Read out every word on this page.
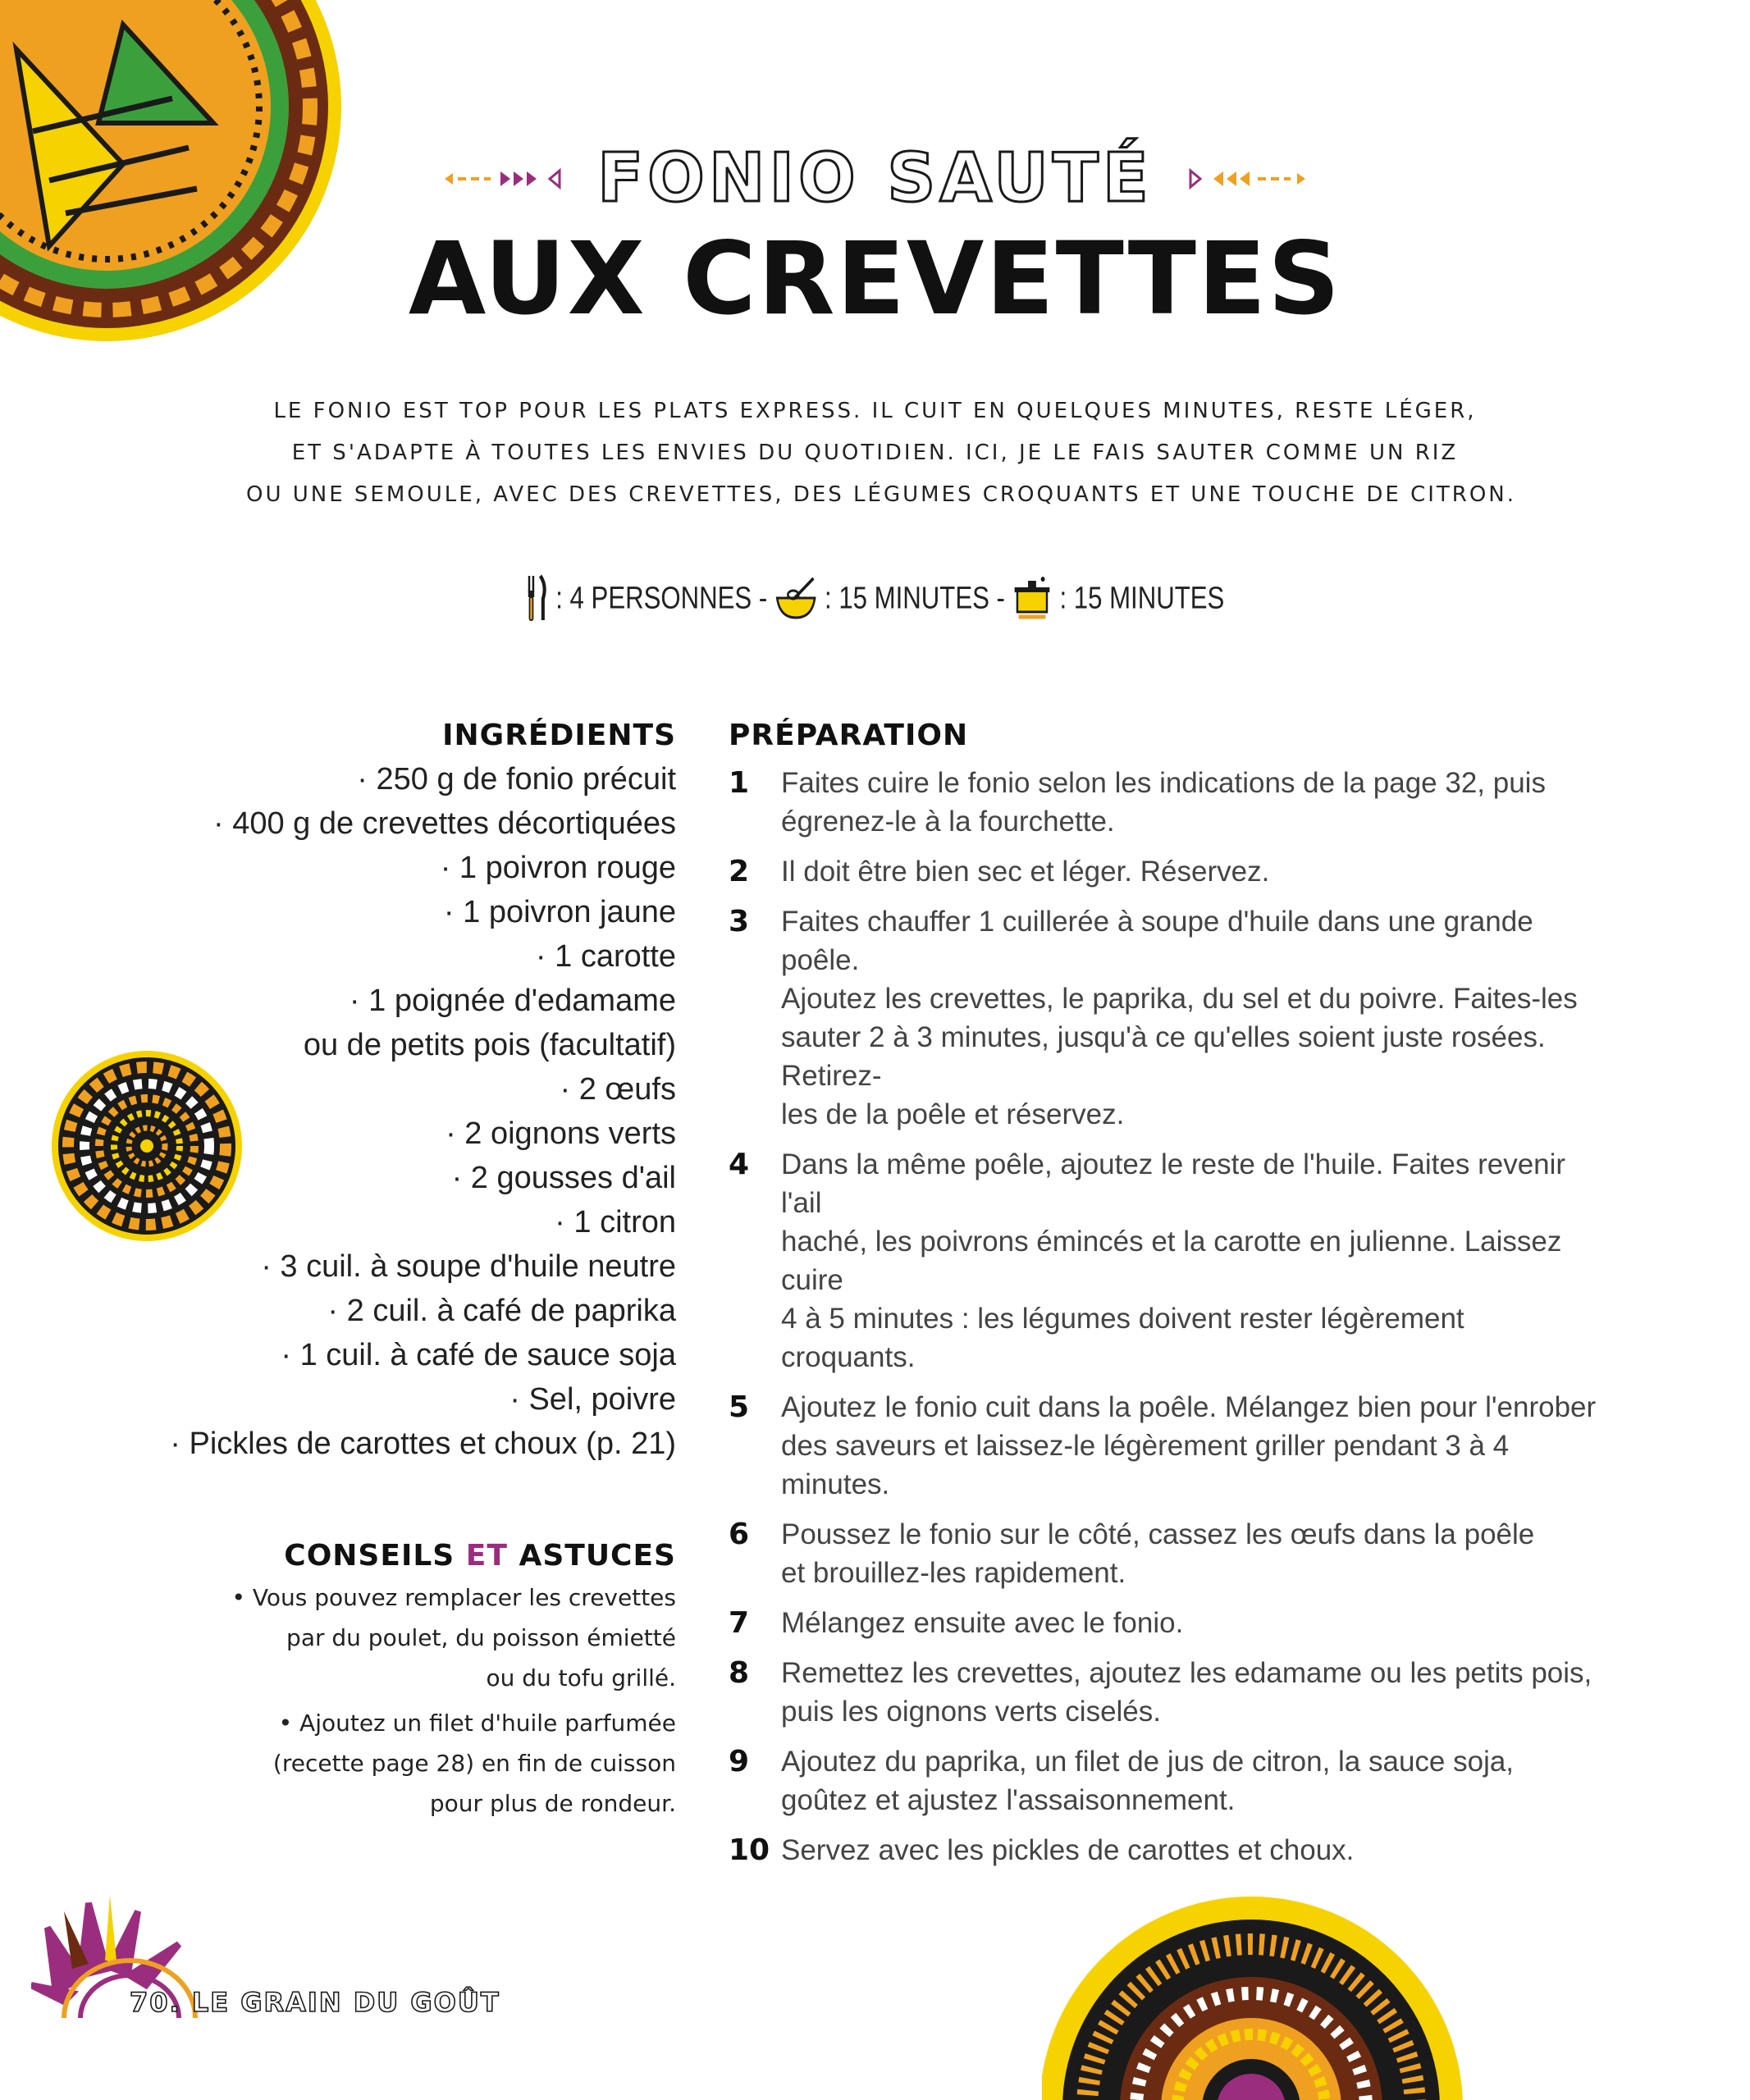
FONIO SAUTÉ
AUX CREVETTES
LE FONIO EST TOP POUR LES PLATS EXPRESS. IL CUIT EN QUELQUES MINUTES, RESTE LÉGER,
ET S'ADAPTE À TOUTES LES ENVIES DU QUOTIDIEN. ICI, JE LE FAIS SAUTER COMME UN RIZ
OU UNE SEMOULE, AVEC DES CREVETTES, DES LÉGUMES CROQUANTS ET UNE TOUCHE DE CITRON.
: 4 PERSONNES - : 15 MINUTES - : 15 MINUTES
INGRÉDIENTS
· 250 g de fonio précuit
· 400 g de crevettes décortiquées
· 1 poivron rouge
· 1 poivron jaune
· 1 carotte
· 1 poignée d'edamame
ou de petits pois (facultatif)
· 2 œufs
· 2 oignons verts
· 2 gousses d'ail
· 1 citron
· 3 cuil. à soupe d'huile neutre
· 2 cuil. à café de paprika
· 1 cuil. à café de sauce soja
· Sel, poivre
· Pickles de carottes et choux (p. 21)
CONSEILS ET ASTUCES
• Vous pouvez remplacer les crevettes
par du poulet, du poisson émietté
ou du tofu grillé.
• Ajoutez un filet d'huile parfumée
(recette page 28) en fin de cuisson
pour plus de rondeur.
PRÉPARATION
1	Faites cuire le fonio selon les indications de la page 32, puis
égrenez-le à la fourchette.
2	Il doit être bien sec et léger. Réservez.
3	Faites chauffer 1 cuillerée à soupe d'huile dans une grande poêle.
Ajoutez les crevettes, le paprika, du sel et du poivre. Faites-les
sauter 2 à 3 minutes, jusqu'à ce qu'elles soient juste rosées. Retirez-
les de la poêle et réservez.
4	Dans la même poêle, ajoutez le reste de l'huile. Faites revenir l'ail
haché, les poivrons émincés et la carotte en julienne. Laissez cuire
4 à 5 minutes : les légumes doivent rester légèrement croquants.
5	Ajoutez le fonio cuit dans la poêle. Mélangez bien pour l'enrober
des saveurs et laissez-le légèrement griller pendant 3 à 4 minutes.
6	Poussez le fonio sur le côté, cassez les œufs dans la poêle
et brouillez-les rapidement.
7	Mélangez ensuite avec le fonio.
8	Remettez les crevettes, ajoutez les edamame ou les petits pois,
puis les oignons verts ciselés.
9	Ajoutez du paprika, un filet de jus de citron, la sauce soja,
goûtez et ajustez l'assaisonnement.
10 Servez avec les pickles de carottes et choux.
70. LE GRAIN DU GOÛT
